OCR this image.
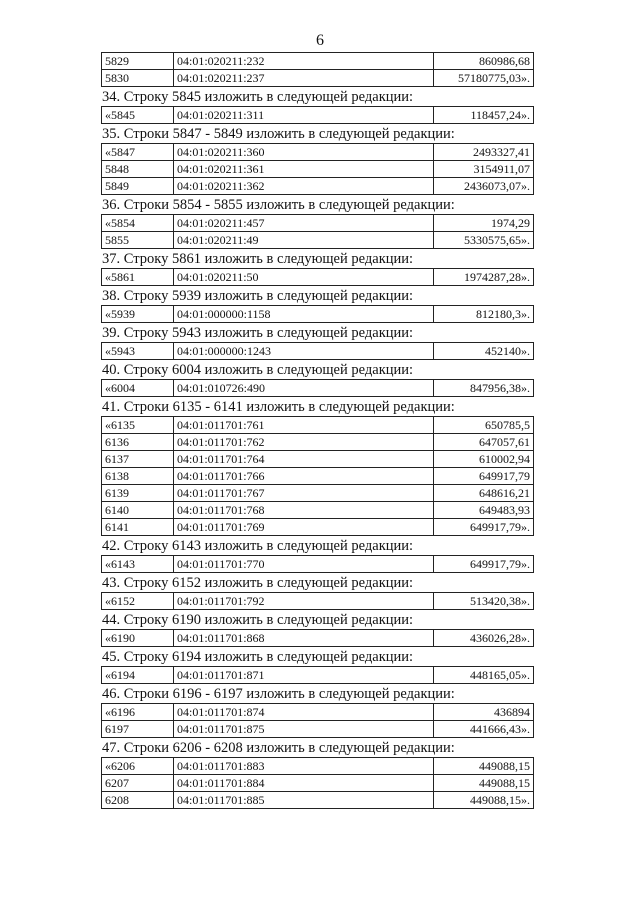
6
5829	04:01:020211:232	860986,68
5830	04:01:020211:237	57180775,03».
34. Строку 5845 изложить в следующей редакции:
«5845	04:01:020211:311	118457,24».
35. Строки 5847 - 5849 изложить в следующей редакции:
«5847	04:01:020211:360	2493327,41
5848	04:01:020211:361	3154911,07
5849	04:01:020211:362	2436073,07».
36. Строки 5854 - 5855 изложить в следующей редакции:
«5854	04:01:020211:457	1974,29
5855	04:01:020211:49	5330575,65».
37. Строку 5861 изложить в следующей редакции:
«5861	04:01:020211:50	1974287,28».
38. Строку 5939 изложить в следующей редакции:
«5939	04:01:000000:1158	812180,3».
39. Строку 5943 изложить в следующей редакции:
«5943	04:01:000000:1243	452140».
40. Строку 6004 изложить в следующей редакции:
«6004	04:01:010726:490	847956,38».
41. Строки 6135 - 6141 изложить в следующей редакции:
«6135	04:01:011701:761	650785,5
6136	04:01:011701:762	647057,61
6137	04:01:011701:764	610002,94
6138	04:01:011701:766	649917,79
6139	04:01:011701:767	648616,21
6140	04:01:011701:768	649483,93
6141	04:01:011701:769	649917,79».
42. Строку 6143 изложить в следующей редакции:
«6143	04:01:011701:770	649917,79».
43. Строку 6152 изложить в следующей редакции:
«6152	04:01:011701:792	513420,38».
44. Строку 6190 изложить в следующей редакции:
«6190	04:01:011701:868	436026,28».
45. Строку 6194 изложить в следующей редакции:
«6194	04:01:011701:871	448165,05».
46. Строки 6196 - 6197 изложить в следующей редакции:
«6196	04:01:011701:874	436894
6197	04:01:011701:875	441666,43».
47. Строки 6206 - 6208 изложить в следующей редакции:
«6206	04:01:011701:883	449088,15
6207	04:01:011701:884	449088,15
6208	04:01:011701:885	449088,15».
